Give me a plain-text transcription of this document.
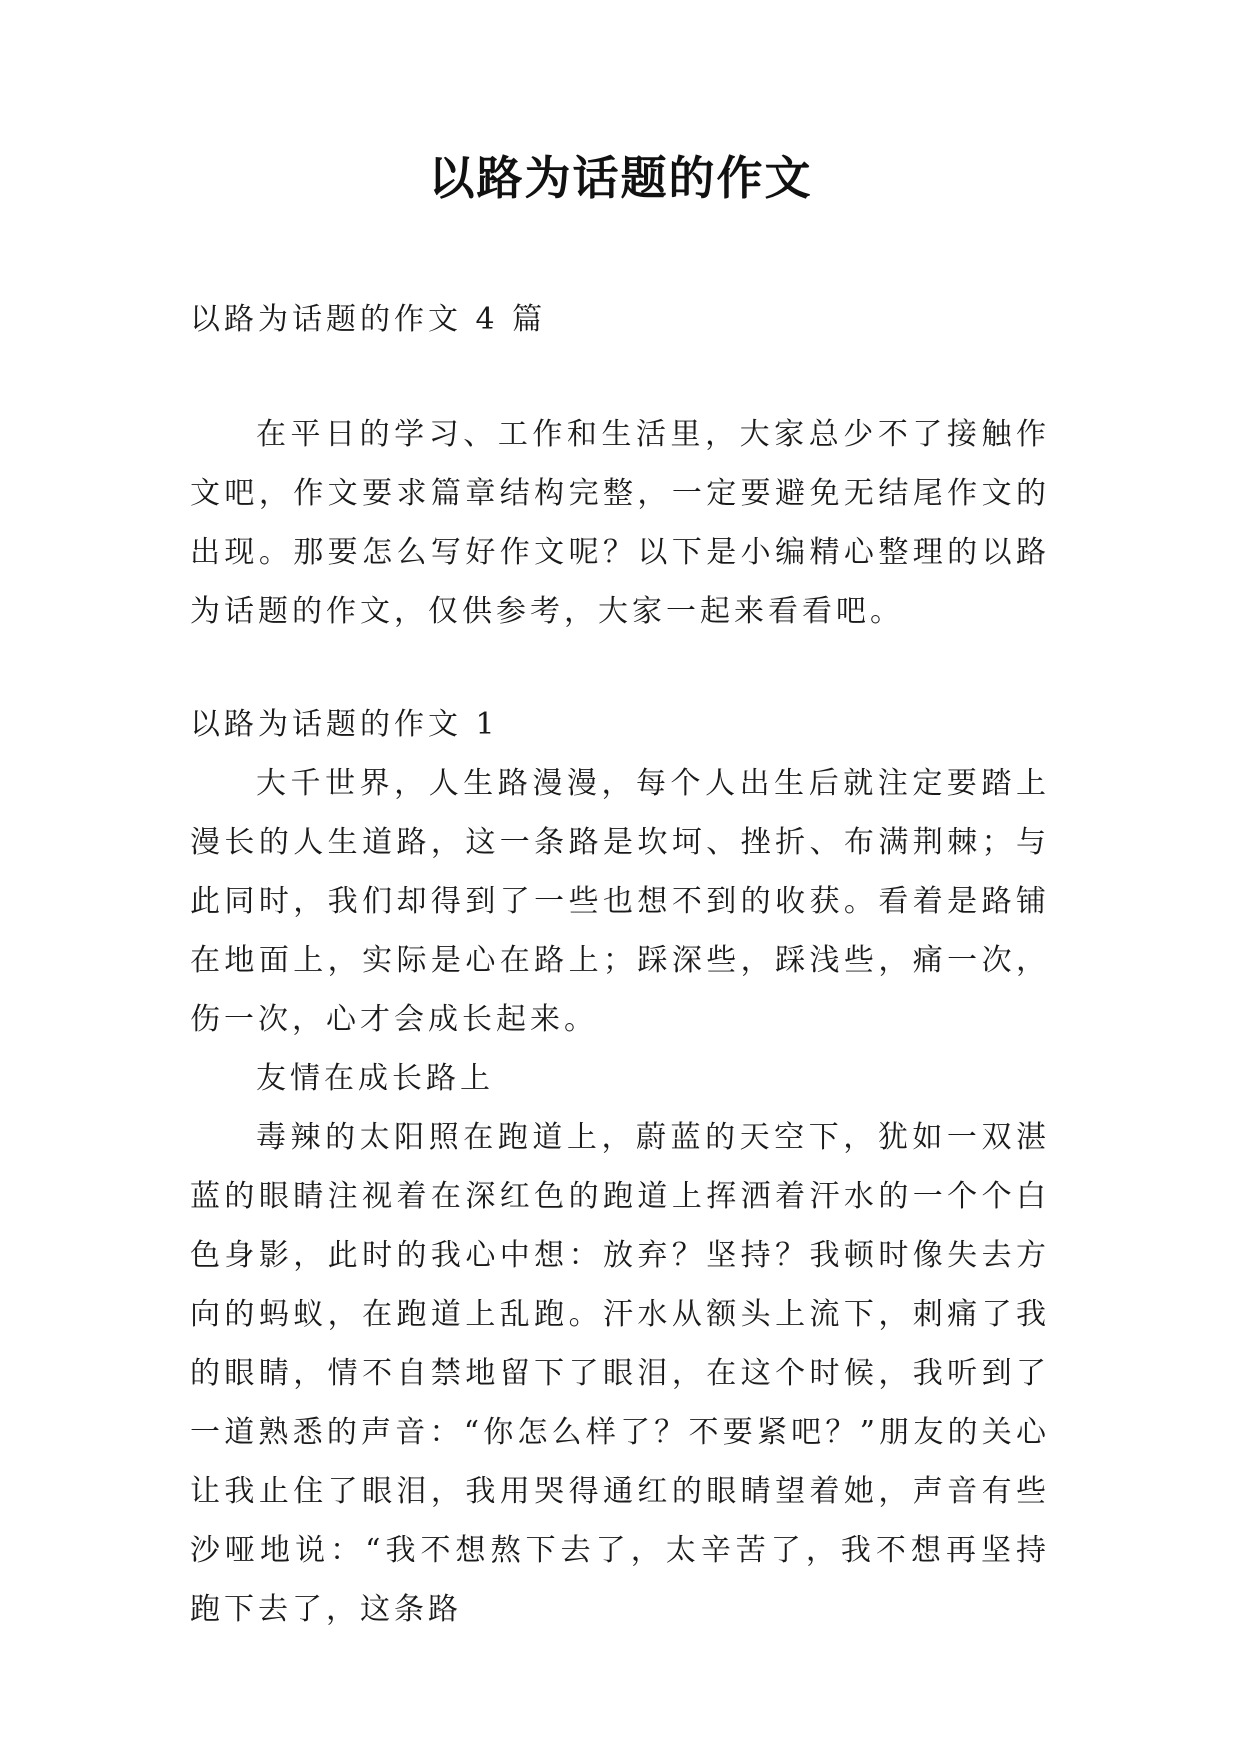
以路为话题的作文

以路为话题的作文 4 篇

在平日的学习、工作和生活里，大家总少不了接触作文吧，作文要求篇章结构完整，一定要避免无结尾作文的出现。那要怎么写好作文呢？以下是小编精心整理的以路为话题的作文，仅供参考，大家一起来看看吧。

以路为话题的作文 1

大千世界，人生路漫漫，每个人出生后就注定要踏上漫长的人生道路，这一条路是坎坷、挫折、布满荆棘；与此同时，我们却得到了一些也想不到的收获。看着是路铺在地面上，实际是心在路上；踩深些，踩浅些，痛一次，伤一次，心才会成长起来。

友情在成长路上

毒辣的太阳照在跑道上，蔚蓝的天空下，犹如一双湛蓝的眼睛注视着在深红色的跑道上挥洒着汗水的一个个白色身影，此时的我心中想：放弃？坚持？我顿时像失去方向的蚂蚁，在跑道上乱跑。汗水从额头上流下，刺痛了我的眼睛，情不自禁地留下了眼泪，在这个时候，我听到了一道熟悉的声音：“你怎么样了？不要紧吧？”朋友的关心让我止住了眼泪，我用哭得通红的眼睛望着她，声音有些沙哑地说：“我不想熬下去了，太辛苦了，我不想再坚持跑下去了，这条路
